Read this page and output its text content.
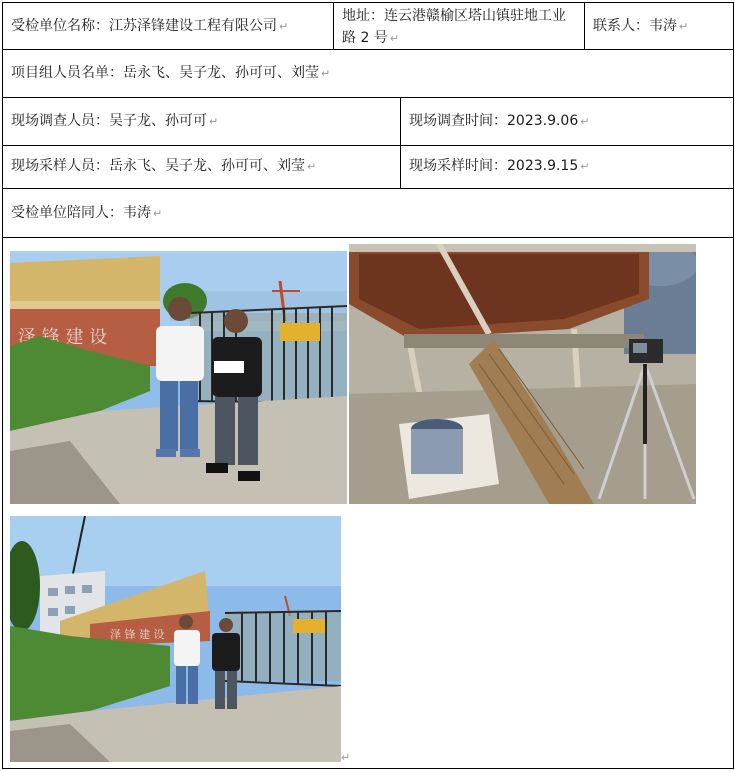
受检单位名称：江苏泽锋建设工程有限公司 ↵
地址：连云港赣榆区塔山镇驻地工业路 2 号 ↵
联系人：韦涛 ↵
项目组人员名单：岳永飞、吴子龙、孙可可、刘莹 ↵
现场调查人员：吴子龙、孙可可 ↵	现场调查时间：2023.9.06 ↵
现场采样人员：岳永飞、吴子龙、孙可可、刘莹 ↵	现场采样时间：2023.9.15 ↵
受检单位陪同人：韦涛 ↵
泽 锋 建 设
泽 锋 建 设
↵
